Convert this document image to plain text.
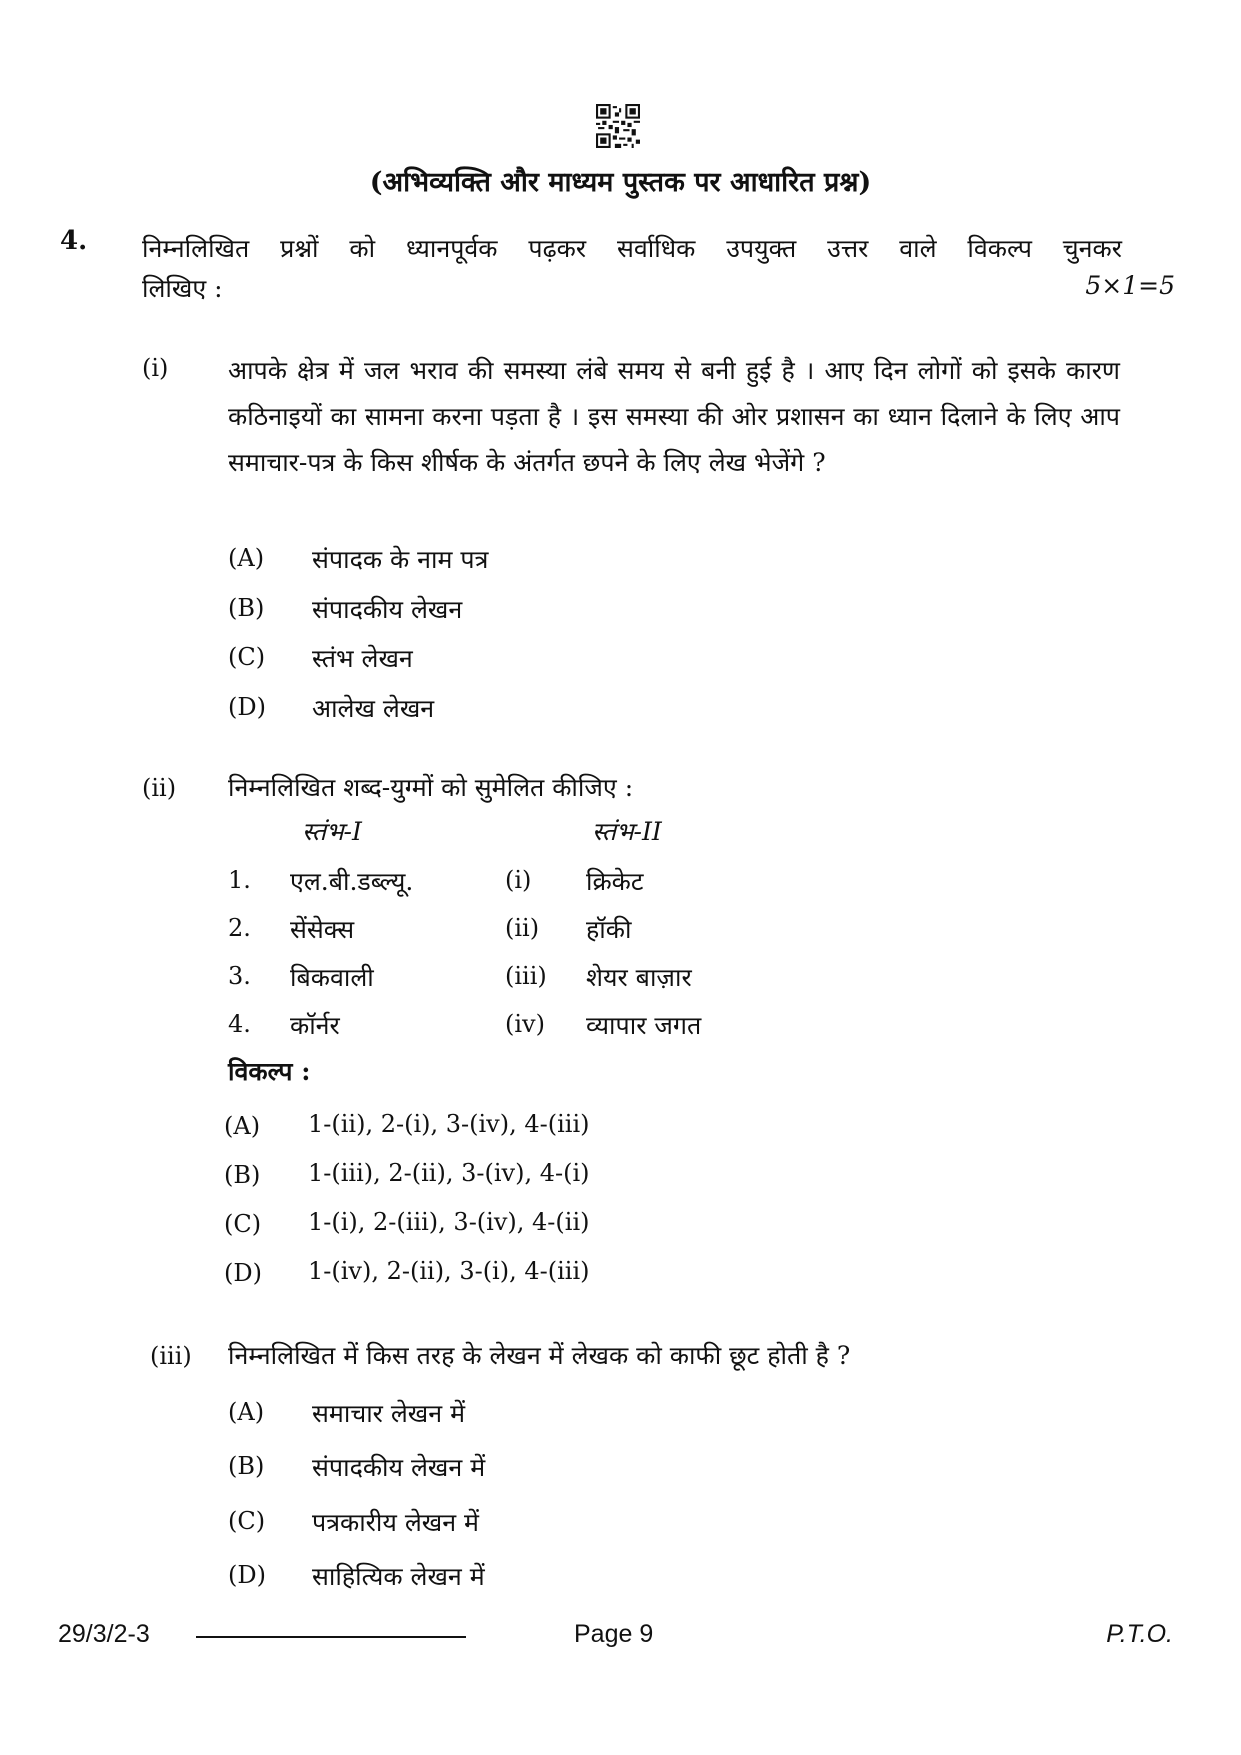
(अभिव्यक्ति और माध्यम पुस्तक पर आधारित प्रश्न)
4. निम्नलिखित प्रश्नों को ध्यानपूर्वक पढ़कर सर्वाधिक उपयुक्त उत्तर वाले विकल्प चुनकर
लिखिए :	5×1=5
(i) आपके क्षेत्र में जल भराव की समस्या लंबे समय से बनी हुई है । आए दिन लोगों को इसके कारण कठिनाइयों का सामना करना पड़ता है । इस समस्या की ओर प्रशासन का ध्यान दिलाने के लिए आप समाचार-पत्र के किस शीर्षक के अंतर्गत छपने के लिए लेख भेजेंगे ?
(A) संपादक के नाम पत्र
(B) संपादकीय लेखन
(C) स्तंभ लेखन
(D) आलेख लेखन
(ii) निम्नलिखित शब्द-युग्मों को सुमेलित कीजिए :
स्तंभ-I	स्तंभ-II
1. एल.बी.डब्ल्यू.	(i) क्रिकेट
2. सेंसेक्स	(ii) हॉकी
3. बिकवाली	(iii) शेयर बाज़ार
4. कॉर्नर	(iv) व्यापार जगत
विकल्प :
(A) 1-(ii), 2-(i), 3-(iv), 4-(iii)
(B) 1-(iii), 2-(ii), 3-(iv), 4-(i)
(C) 1-(i), 2-(iii), 3-(iv), 4-(ii)
(D) 1-(iv), 2-(ii), 3-(i), 4-(iii)
(iii) निम्नलिखित में किस तरह के लेखन में लेखक को काफी छूट होती है ?
(A) समाचार लेखन में
(B) संपादकीय लेखन में
(C) पत्रकारीय लेखन में
(D) साहित्यिक लेखन में
29/3/2-3	Page 9	P.T.O.
